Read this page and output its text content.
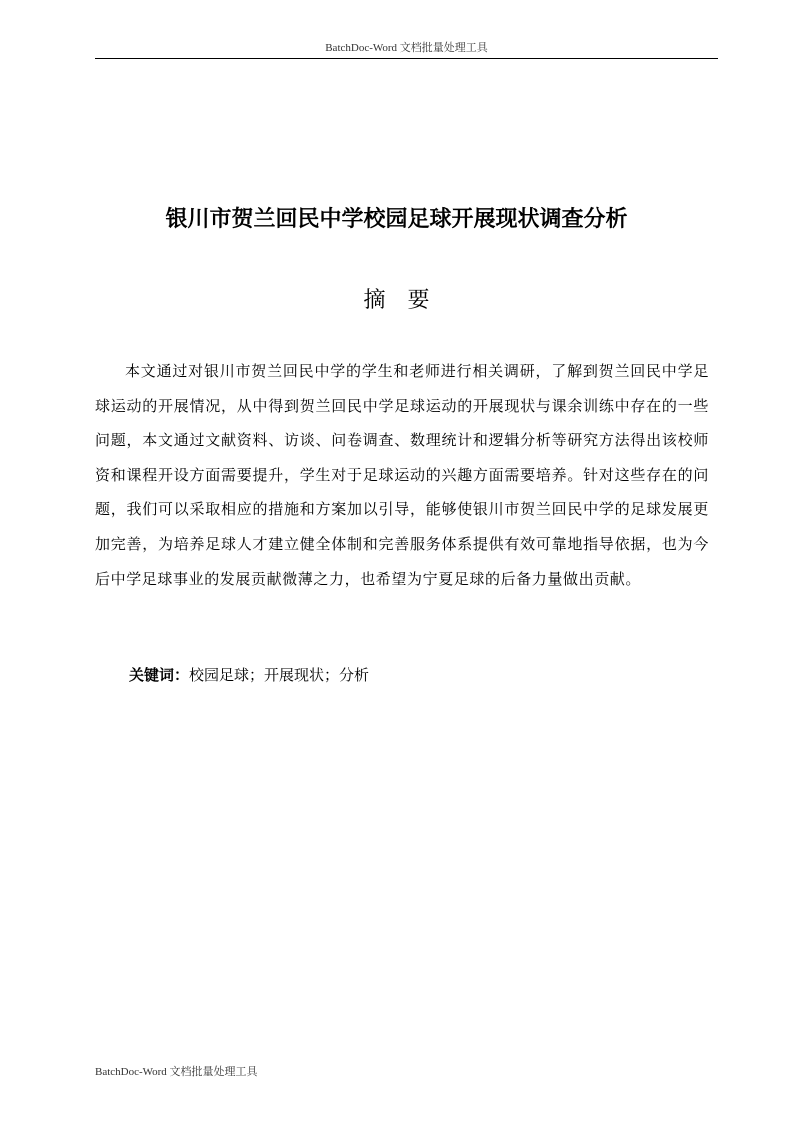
BatchDoc-Word 文档批量处理工具
银川市贺兰回民中学校园足球开展现状调查分析
摘　要

本文通过对银川市贺兰回民中学的学生和老师进行相关调研，了解到贺兰回民中学足球运动的开展情况，从中得到贺兰回民中学足球运动的开展现状与课余训练中存在的一些问题，本文通过文献资料、访谈、问卷调查、数理统计和逻辑分析等研究方法得出该校师资和课程开设方面需要提升，学生对于足球运动的兴趣方面需要培养。针对这些存在的问题，我们可以采取相应的措施和方案加以引导，能够使银川市贺兰回民中学的足球发展更加完善，为培养足球人才建立健全体制和完善服务体系提供有效可靠地指导依据，也为今后中学足球事业的发展贡献微薄之力，也希望为宁夏足球的后备力量做出贡献。

关键词：校园足球；开展现状；分析
BatchDoc-Word 文档批量处理工具
